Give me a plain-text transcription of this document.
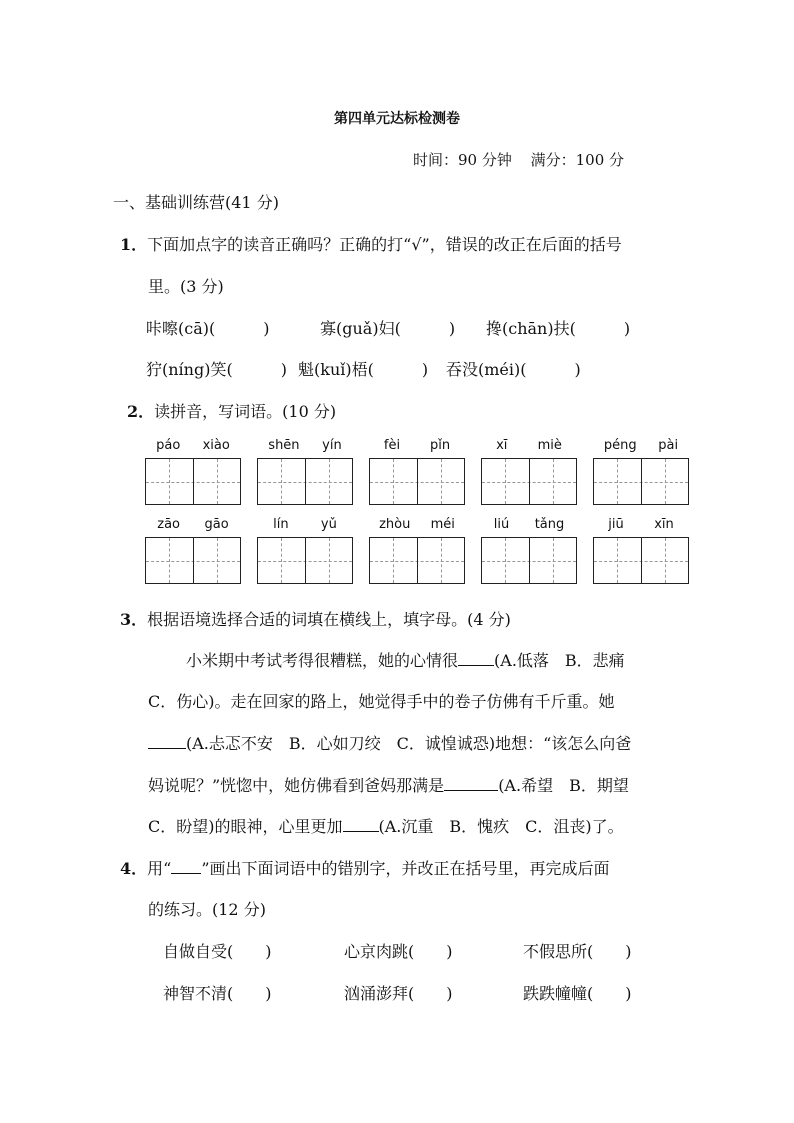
第四单元达标检测卷
时间：90 分钟 满分：100 分
一、基础训练营(41 分)
1．下面加点字的读音正确吗？正确的打“√”，错误的改正在后面的括号
里。(3 分)
咔嚓(cā)(　　　)	寡(guǎ)妇(　　　) 搀(chān)扶(　　　)
狞(níng)笑(　　　) 魁(kuǐ)梧(　　　) 吞没(méi)(　　　)
2．读拼音，写词语。(10 分)
páo xiào	shēn yín	fèi pǐn	xī miè	péng pài
zāo gāo	lín yǔ	zhòu méi	liú tǎng	jiū xīn
3．根据语境选择合适的词填在横线上，填字母。(4 分)
小米期中考试考得很糟糕，她的心情很 (A.低落　B．悲痛
C．伤心)。走在回家的路上，她觉得手中的卷子仿佛有千斤重。她
(A.忐忑不安　B．心如刀绞　C．诚惶诚恐)地想：“该怎么向爸
妈说呢？”恍惚中，她仿佛看到爸妈那满是	(A.希望　B．期望
C．盼望)的眼神，心里更加 (A.沉重　B．愧疚　C．沮丧)了。
4．用“ ”画出下面词语中的错别字，并改正在括号里，再完成后面
的练习。(12 分)
自做自受(　　)	心京肉跳(　　)	不假思所(　　)
神智不清(　　)	汹涌澎拜(　　)	跌跌幢幢(　　)
